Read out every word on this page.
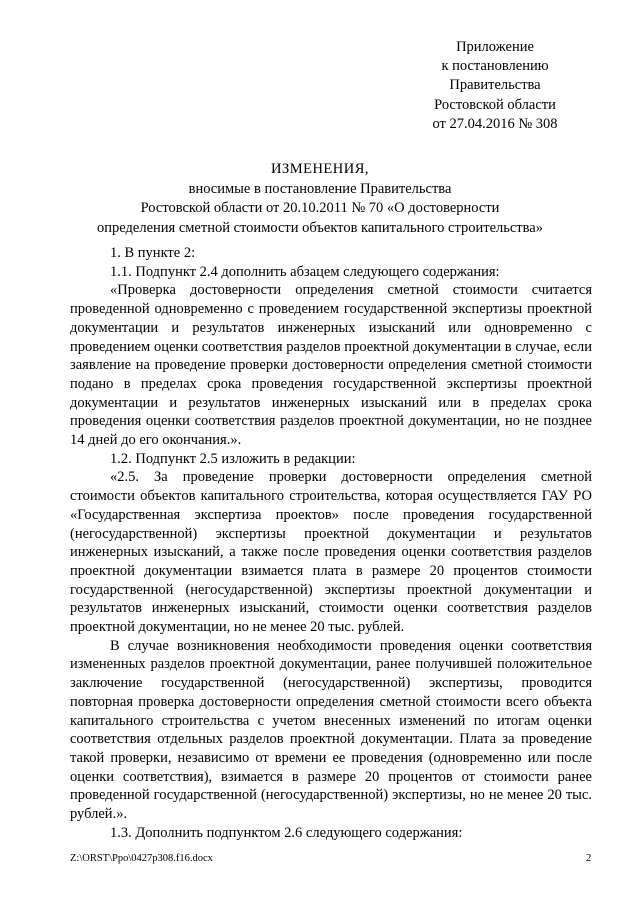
Приложение
к постановлению
Правительства
Ростовской области
от 27.04.2016 № 308
ИЗМЕНЕНИЯ,
вносимые в постановление Правительства
Ростовской области от 20.10.2011 № 70 «О достоверности
определения сметной стоимости объектов капитального строительства»

1. В пункте 2:

1.1. Подпункт 2.4 дополнить абзацем следующего содержания:

«Проверка достоверности определения сметной стоимости считается проведенной одновременно с проведением государственной экспертизы проектной документации и результатов инженерных изысканий или одновременно с проведением оценки соответствия разделов проектной документации в случае, если заявление на проведение проверки достоверности определения сметной стоимости подано в пределах срока проведения государственной экспертизы проектной документации и результатов инженерных изысканий или в пределах срока проведения оценки соответствия разделов проектной документации, но не позднее 14 дней до его окончания.».

1.2. Подпункт 2.5 изложить в редакции:

«2.5. За проведение проверки достоверности определения сметной стоимости объектов капитального строительства, которая осуществляется ГАУ РО «Государственная экспертиза проектов» после проведения государственной (негосударственной) экспертизы проектной документации и результатов инженерных изысканий, а также после проведения оценки соответствия разделов проектной документации взимается плата в размере 20 процентов стоимости государственной (негосударственной) экспертизы проектной документации и результатов инженерных изысканий, стоимости оценки соответствия разделов проектной документации, но не менее 20 тыс. рублей.

В случае возникновения необходимости проведения оценки соответствия измененных разделов проектной документации, ранее получившей положительное заключение государственной (негосударственной) экспертизы, проводится повторная проверка достоверности определения сметной стоимости всего объекта капитального строительства с учетом внесенных изменений по итогам оценки соответствия отдельных разделов проектной документации. Плата за проведение такой проверки, независимо от времени ее проведения (одновременно или после оценки соответствия), взимается в размере 20 процентов от стоимости ранее проведенной государственной (негосударственной) экспертизы, но не менее 20 тыс. рублей.».

1.3. Дополнить подпунктом 2.6 следующего содержания:

Z:\ORST\Ppo\0427p308.f16.docx	2
